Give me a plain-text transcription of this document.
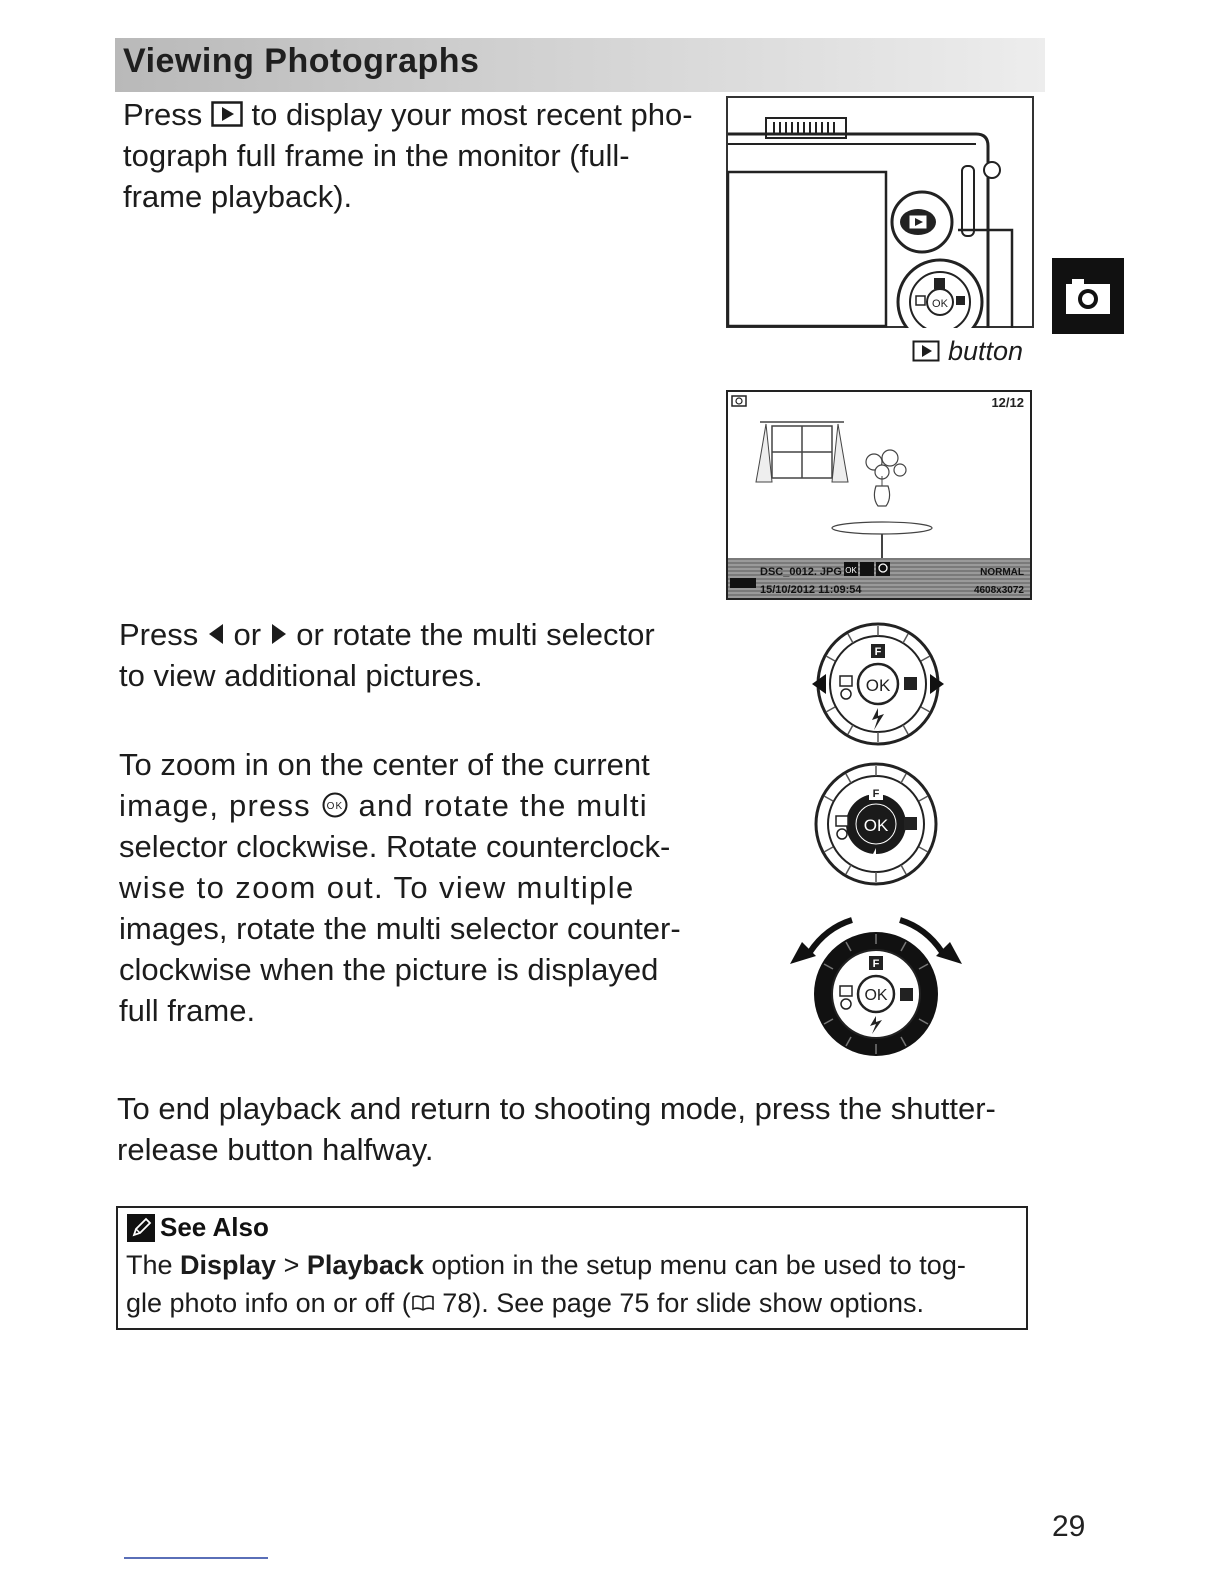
Viewing Photographs
Press  to display your most recent pho-
tograph full frame in the monitor (full-
frame playback).
OK
button
12/12
DSC_0012. JPG OK	NORMAL
15/10/2012 11:09:54	4608x3072
Press  or  or rotate the multi selector
to view additional pictures.	OK
F
To zoom in on the center of the current
image, press OK and rotate the multi
selector clockwise. Rotate counterclock-
wise to zoom out. To view multiple
images, rotate the multi selector counter-
clockwise when the picture is displayed
full frame.
OK
F
OK
F
To end playback and return to shooting mode, press the shutter-
release button halfway.
See Also
The Display > Playback option in the setup menu can be used to tog-
gle photo info on or off ( 78). See page 75 for slide show options.
29
